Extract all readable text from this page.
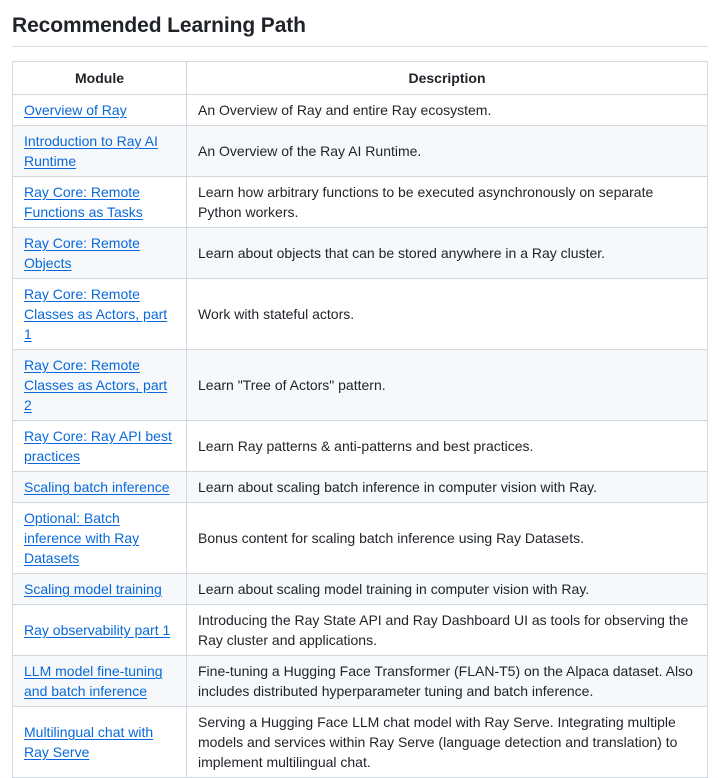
Recommended Learning Path
Module	Description
Overview of Ray	An Overview of Ray and entire Ray ecosystem.
Introduction to Ray AI Runtime	An Overview of the Ray AI Runtime.
Ray Core: Remote Functions as Tasks	Learn how arbitrary functions to be executed asynchronously on separate Python workers.
Ray Core: Remote Objects	Learn about objects that can be stored anywhere in a Ray cluster.
Ray Core: Remote Classes as Actors, part 1	Work with stateful actors.
Ray Core: Remote Classes as Actors, part 2	Learn "Tree of Actors" pattern.
Ray Core: Ray API best practices	Learn Ray patterns & anti-patterns and best practices.
Scaling batch inference	Learn about scaling batch inference in computer vision with Ray.
Optional: Batch inference with Ray Datasets	Bonus content for scaling batch inference using Ray Datasets.
Scaling model training	Learn about scaling model training in computer vision with Ray.
Ray observability part 1	Introducing the Ray State API and Ray Dashboard UI as tools for observing the Ray cluster and applications.
LLM model fine-tuning and batch inference	Fine-tuning a Hugging Face Transformer (FLAN-T5) on the Alpaca dataset. Also includes distributed hyperparameter tuning and batch inference.
Multilingual chat with Ray Serve	Serving a Hugging Face LLM chat model with Ray Serve. Integrating multiple models and services within Ray Serve (language detection and translation) to implement multilingual chat.
